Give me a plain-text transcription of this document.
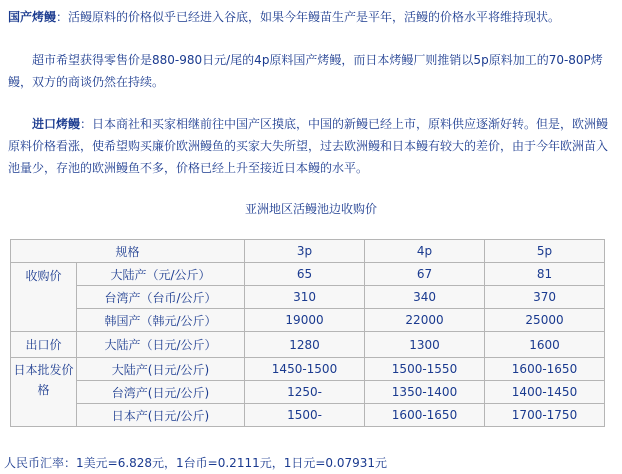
国产烤鳗：活鳗原料的价格似乎已经进入谷底，如果今年鳗苗生产是平年，活鳗的价格水平将维持现状。

超市希望获得零售价是880-980日元/尾的4p原料国产烤鳗，而日本烤鳗厂则推销以5p原料加工的70-80P烤鳗，双方的商谈仍然在持续。

进口烤鳗：日本商社和买家相继前往中国产区摸底，中国的新鳗已经上市，原料供应逐渐好转。但是，欧洲鳗原料价格看涨，使希望购买廉价欧洲鳗鱼的买家大失所望，过去欧洲鳗和日本鳗有较大的差价，由于今年欧洲苗入池量少，存池的欧洲鳗鱼不多，价格已经上升至接近日本鳗的水平。

亚洲地区活鳗池边收购价
规格		3p	4p	5p
收购价	大陆产（元/公斤）	65	67	81
	台湾产（台币/公斤）	310	340	370
	韩国产（韩元/公斤）	19000	22000	25000
出口价	大陆产（日元/公斤）	1280	1300	1600
日本批发价格	大陆产(日元/公斤)	1450-1500	1500-1550	1600-1650
	台湾产(日元/公斤)	1250-	1350-1400	1400-1450
	日本产(日元/公斤)	1500-	1600-1650	1700-1750
人民币汇率：1美元=6.828元，1台币=0.2111元，1日元=0.07931元
